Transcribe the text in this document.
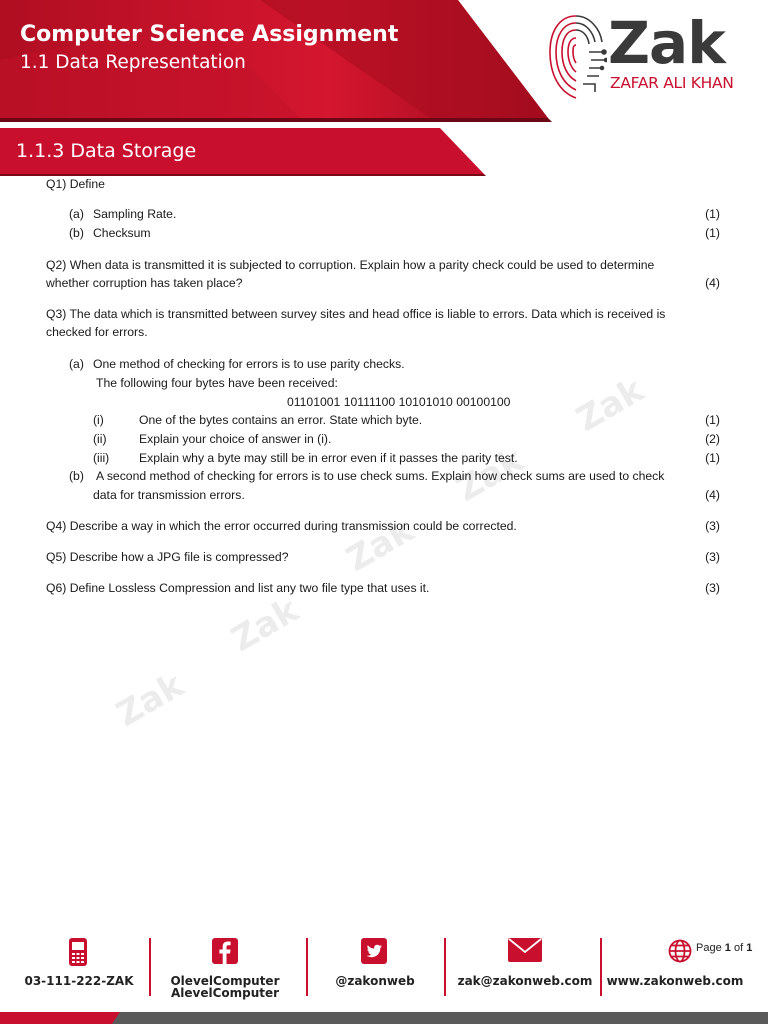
Computer Science Assignment
1.1 Data Representation	Zak
ZAFAR ALI KHAN
1.1.3 Data Storage
Zak
Zak
Zak
Zak
Zak
Q1) Define
(a) Sampling Rate.	(1)
(b) Checksum	(1)
Q2) When data is transmitted it is subjected to corruption. Explain how a parity check could be used to determine
whether corruption has taken place?	(4)
Q3) The data which is transmitted between survey sites and head office is liable to errors. Data which is received is
checked for errors.
(a) One method of checking for errors is to use parity checks.
The following four bytes have been received:
01101001 10111100 10101010 00100100
(i)	One of the bytes contains an error. State which byte.	(1)
(ii)	Explain your choice of answer in (i).	(2)
(iii) Explain why a byte may still be in error even if it passes the parity test.	(1)
(b) A second method of checking for errors is to use check sums. Explain how check sums are used to check
data for transmission errors.	(4)
Q4) Describe a way in which the error occurred during transmission could be corrected.	(3)
Q5) Describe how a JPG file is compressed?	(3)
Q6) Define Lossless Compression and list any two file type that uses it.	(3)
03-111-222-ZAK	OlevelComputer
AlevelComputer
@zakonweb	zak@zakonweb.com
Page 1 of 1
www.zakonweb.com
